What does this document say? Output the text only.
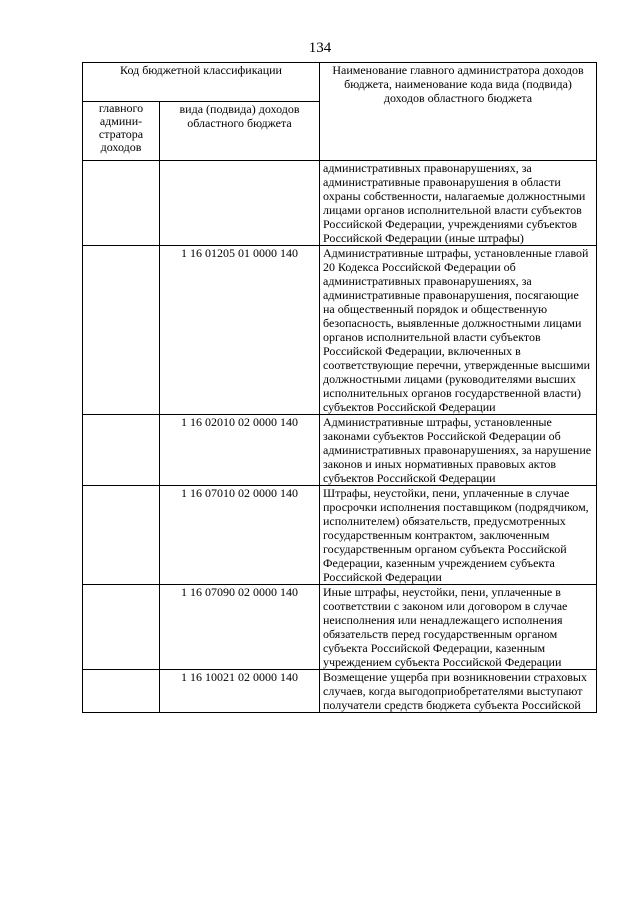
134
Код бюджетной классификации		Наименование главного администратора доходов бюджета, наименование кода вида (подвида) доходов областного бюджета
главного админи-стратора доходов	вида (подвида) доходов областного бюджета	
		административных правонарушениях, за административные правонарушения в области охраны собственности, налагаемые должностными лицами органов исполнительной власти субъектов Российской Федерации, учреждениями субъектов Российской Федерации (иные штрафы)
	1 16 01205 01 0000 140	Административные штрафы, установленные главой 20 Кодекса Российской Федерации об административных правонарушениях, за административные правонарушения, посягающие на общественный порядок и общественную безопасность, выявленные должностными лицами органов исполнительной власти субъектов Российской Федерации, включенных в соответствующие перечни, утвержденные высшими должностными лицами (руководителями высших исполнительных органов государственной власти) субъектов Российской Федерации
	1 16 02010 02 0000 140	Административные штрафы, установленные законами субъектов Российской Федерации об административных правонарушениях, за нарушение законов и иных нормативных правовых актов субъектов Российской Федерации
	1 16 07010 02 0000 140	Штрафы, неустойки, пени, уплаченные в случае просрочки исполнения поставщиком (подрядчиком, исполнителем) обязательств, предусмотренных государственным контрактом, заключенным государственным органом субъекта Российской Федерации, казенным учреждением субъекта Российской Федерации
	1 16 07090 02 0000 140	Иные штрафы, неустойки, пени, уплаченные в соответствии с законом или договором в случае неисполнения или ненадлежащего исполнения обязательств перед государственным органом субъекта Российской Федерации, казенным учреждением субъекта Российской Федерации
	1 16 10021 02 0000 140	Возмещение ущерба при возникновении страховых случаев, когда выгодоприобретателями выступают получатели средств бюджета субъекта Российской
